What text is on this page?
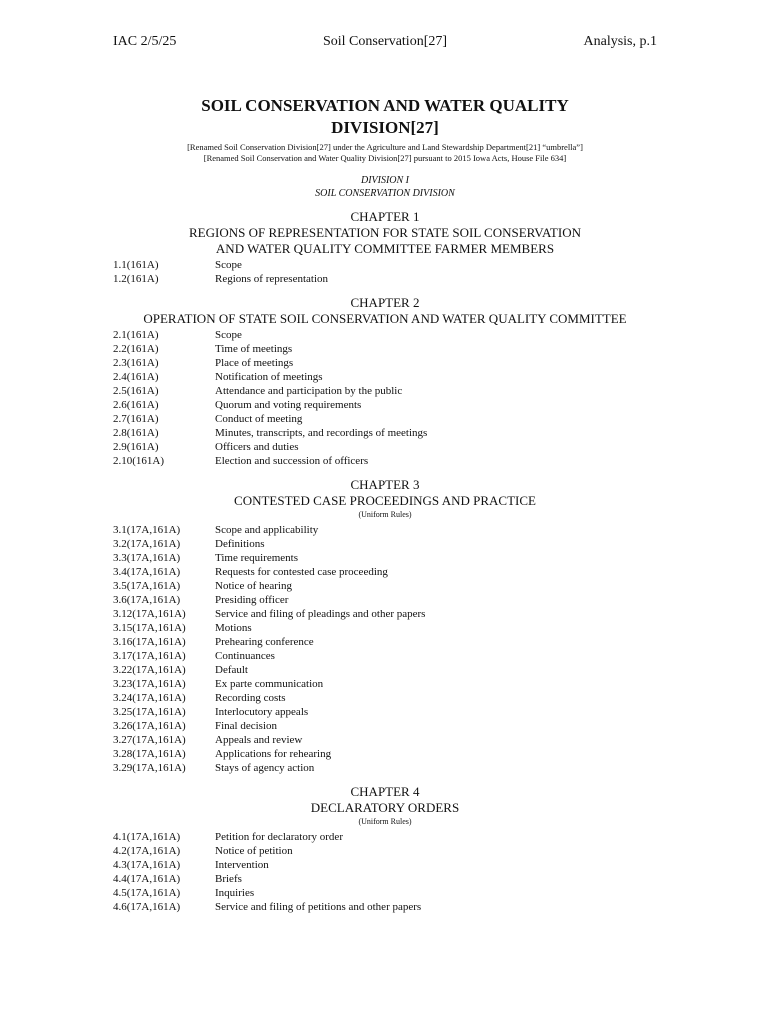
IAC 2/5/25	Soil Conservation[27]	Analysis, p.1
SOIL CONSERVATION AND WATER QUALITY
DIVISION[27]
[Renamed Soil Conservation Division[27] under the Agriculture and Land Stewardship Department[21] “umbrella”]
[Renamed Soil Conservation and Water Quality Division[27] pursuant to 2015 Iowa Acts, House File 634]
DIVISION I
SOIL CONSERVATION DIVISION
CHAPTER 1
REGIONS OF REPRESENTATION FOR STATE SOIL CONSERVATION
AND WATER QUALITY COMMITTEE FARMER MEMBERS
1.1(161A)	Scope
1.2(161A)	Regions of representation
CHAPTER 2
OPERATION OF STATE SOIL CONSERVATION AND WATER QUALITY COMMITTEE
2.1(161A)	Scope
2.2(161A)	Time of meetings
2.3(161A)	Place of meetings
2.4(161A)	Notification of meetings
2.5(161A)	Attendance and participation by the public
2.6(161A)	Quorum and voting requirements
2.7(161A)	Conduct of meeting
2.8(161A)	Minutes, transcripts, and recordings of meetings
2.9(161A)	Officers and duties
2.10(161A)	Election and succession of officers
CHAPTER 3
CONTESTED CASE PROCEEDINGS AND PRACTICE
(Uniform Rules)
3.1(17A,161A)	Scope and applicability
3.2(17A,161A)	Definitions
3.3(17A,161A)	Time requirements
3.4(17A,161A)	Requests for contested case proceeding
3.5(17A,161A)	Notice of hearing
3.6(17A,161A)	Presiding officer
3.12(17A,161A)	Service and filing of pleadings and other papers
3.15(17A,161A)	Motions
3.16(17A,161A)	Prehearing conference
3.17(17A,161A)	Continuances
3.22(17A,161A)	Default
3.23(17A,161A)	Ex parte communication
3.24(17A,161A)	Recording costs
3.25(17A,161A)	Interlocutory appeals
3.26(17A,161A)	Final decision
3.27(17A,161A)	Appeals and review
3.28(17A,161A)	Applications for rehearing
3.29(17A,161A)	Stays of agency action
CHAPTER 4
DECLARATORY ORDERS
(Uniform Rules)
4.1(17A,161A)	Petition for declaratory order
4.2(17A,161A)	Notice of petition
4.3(17A,161A)	Intervention
4.4(17A,161A)	Briefs
4.5(17A,161A)	Inquiries
4.6(17A,161A)	Service and filing of petitions and other papers
